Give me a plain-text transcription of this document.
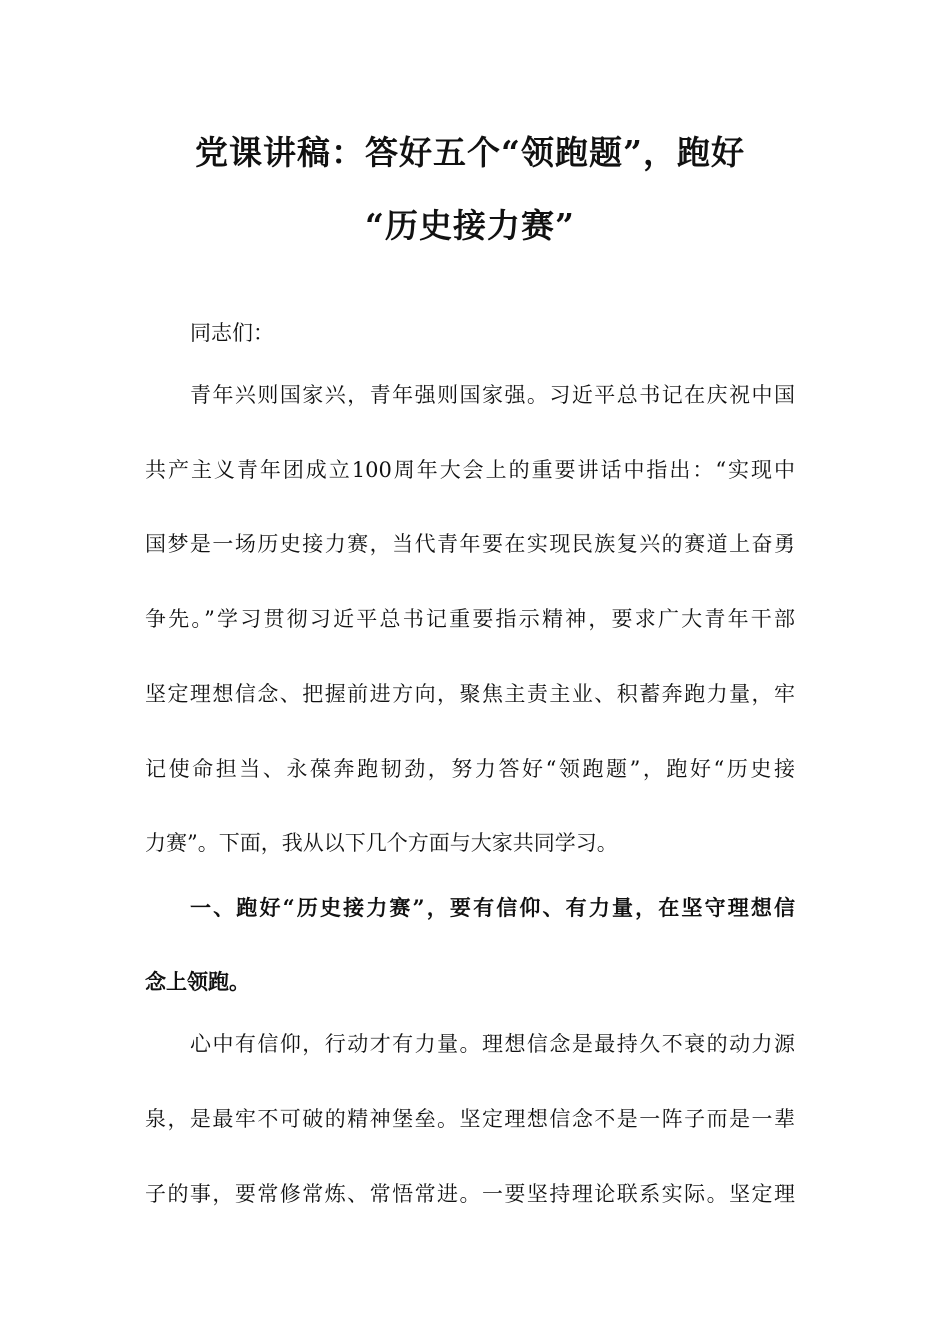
党课讲稿：答好五个“领跑题”，跑好
“历史接力赛”

同志们：

青年兴则国家兴，青年强则国家强。习近平总书记在庆祝中国

共产主义青年团成立100周年大会上的重要讲话中指出：“实现中

国梦是一场历史接力赛，当代青年要在实现民族复兴的赛道上奋勇

争先。”学习贯彻习近平总书记重要指示精神，要求广大青年干部

坚定理想信念、把握前进方向，聚焦主责主业、积蓄奔跑力量，牢

记使命担当、永葆奔跑韧劲，努力答好“领跑题”，跑好“历史接

力赛”。下面，我从以下几个方面与大家共同学习。

一、跑好“历史接力赛”，要有信仰、有力量，在坚守理想信

念上领跑。

心中有信仰，行动才有力量。理想信念是最持久不衰的动力源

泉，是最牢不可破的精神堡垒。坚定理想信念不是一阵子而是一辈

子的事，要常修常炼、常悟常进。一要坚持理论联系实际。坚定理
